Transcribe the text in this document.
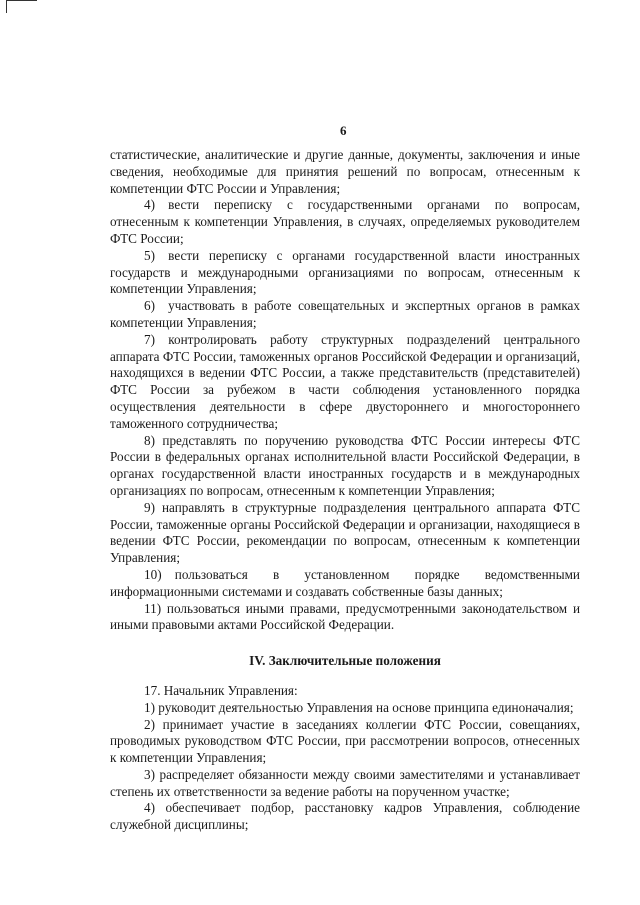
6

статистические, аналитические и другие данные, документы, заключения и иные сведения, необходимые для принятия решений по вопросам, отнесенным к компетенции ФТС России и Управления;

4) вести переписку с государственными органами по вопросам, отнесенным к компетенции Управления, в случаях, определяемых руководителем ФТС России;

5) вести переписку с органами государственной власти иностранных государств и международными организациями по вопросам, отнесенным к компетенции Управления;

6) участвовать в работе совещательных и экспертных органов в рамках компетенции Управления;

7) контролировать работу структурных подразделений центрального аппарата ФТС России, таможенных органов Российской Федерации и организаций, находящихся в ведении ФТС России, а также представительств (представителей) ФТС России за рубежом в части соблюдения установленного порядка осуществления деятельности в сфере двустороннего и многостороннего таможенного сотрудничества;

8) представлять по поручению руководства ФТС России интересы ФТС России в федеральных органах исполнительной власти Российской Федерации, в органах государственной власти иностранных государств и в международных организациях по вопросам, отнесенным к компетенции Управления;

9) направлять в структурные подразделения центрального аппарата ФТС России, таможенные органы Российской Федерации и организации, находящиеся в ведении ФТС России, рекомендации по вопросам, отнесенным к компетенции Управления;

10) пользоваться в установленном порядке ведомственными информационными системами и создавать собственные базы данных;

11) пользоваться иными правами, предусмотренными законодательством и иными правовыми актами Российской Федерации.

IV. Заключительные положения

17. Начальник Управления:

1) руководит деятельностью Управления на основе принципа единоначалия;

2) принимает участие в заседаниях коллегии ФТС России, совещаниях, проводимых руководством ФТС России, при рассмотрении вопросов, отнесенных к компетенции Управления;

3) распределяет обязанности между своими заместителями и устанавливает степень их ответственности за ведение работы на порученном участке;

4) обеспечивает подбор, расстановку кадров Управления, соблюдение служебной дисциплины;
